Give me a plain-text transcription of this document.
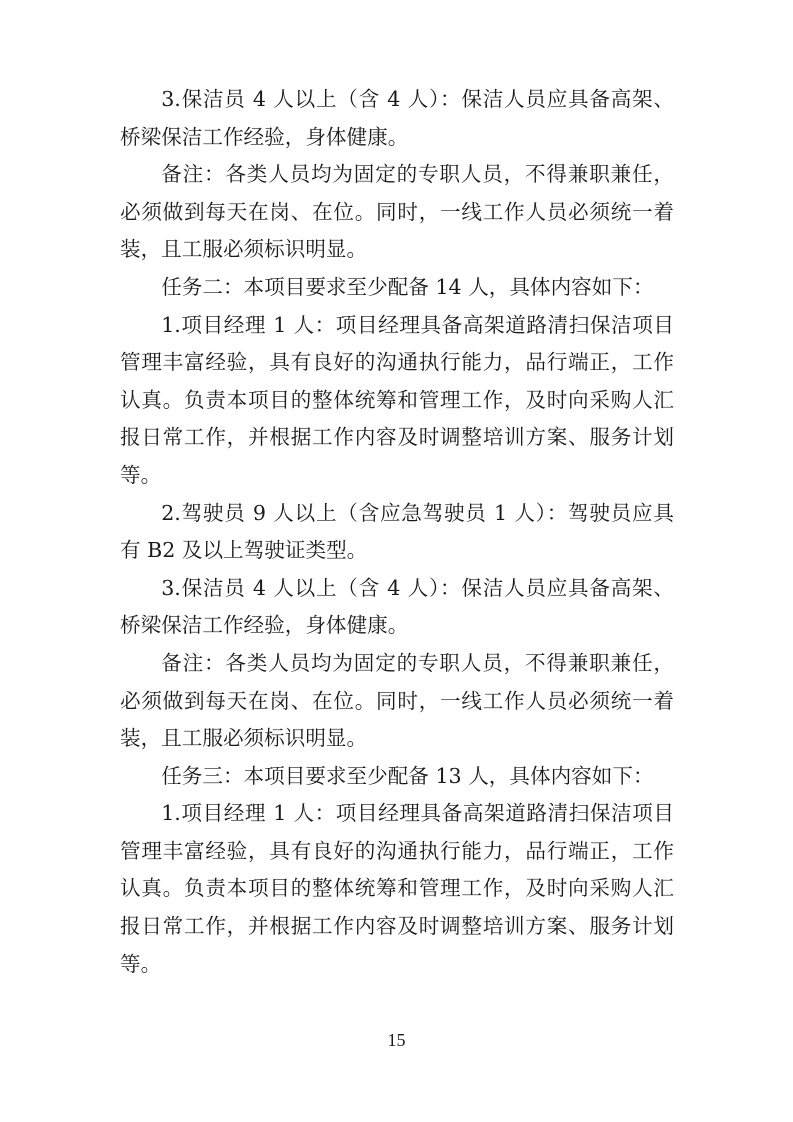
3.保洁员 4 人以上（含 4 人）：保洁人员应具备高架、桥梁保洁工作经验，身体健康。

备注：各类人员均为固定的专职人员，不得兼职兼任，必须做到每天在岗、在位。同时，一线工作人员必须统一着装，且工服必须标识明显。

任务二：本项目要求至少配备 14 人，具体内容如下：

1.项目经理 1 人：项目经理具备高架道路清扫保洁项目管理丰富经验，具有良好的沟通执行能力，品行端正，工作认真。负责本项目的整体统筹和管理工作，及时向采购人汇报日常工作，并根据工作内容及时调整培训方案、服务计划等。

2.驾驶员 9 人以上（含应急驾驶员 1 人）：驾驶员应具有 B2 及以上驾驶证类型。

3.保洁员 4 人以上（含 4 人）：保洁人员应具备高架、桥梁保洁工作经验，身体健康。

备注：各类人员均为固定的专职人员，不得兼职兼任，必须做到每天在岗、在位。同时，一线工作人员必须统一着装，且工服必须标识明显。

任务三：本项目要求至少配备 13 人，具体内容如下：

1.项目经理 1 人：项目经理具备高架道路清扫保洁项目管理丰富经验，具有良好的沟通执行能力，品行端正，工作认真。负责本项目的整体统筹和管理工作，及时向采购人汇报日常工作，并根据工作内容及时调整培训方案、服务计划等。

15
